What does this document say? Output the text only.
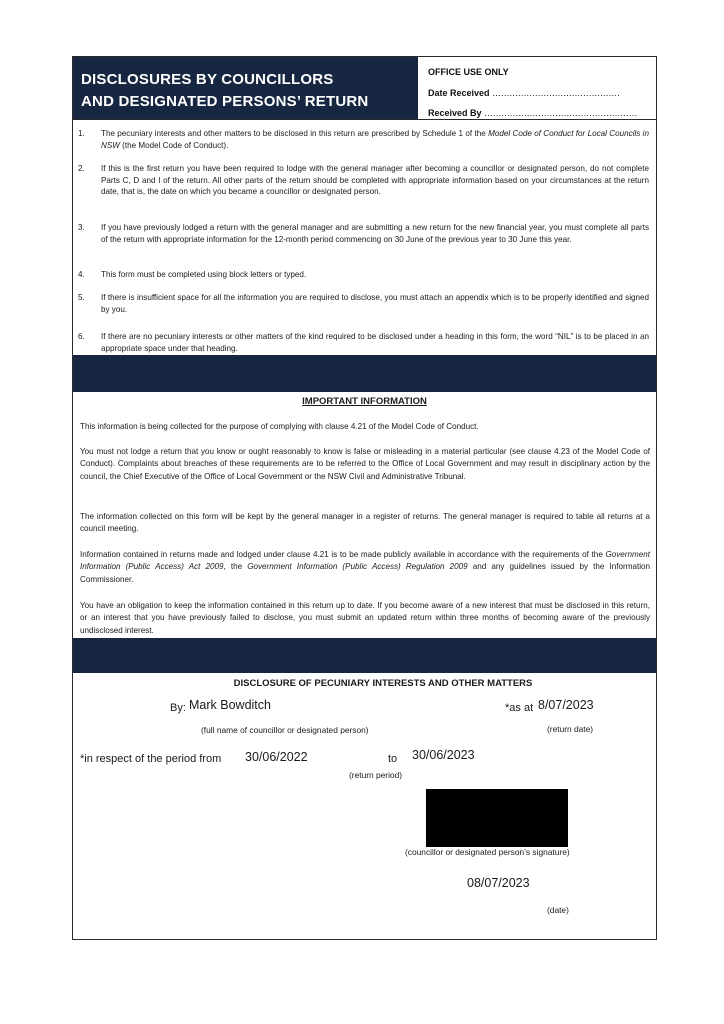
DISCLOSURES BY COUNCILLORS
AND DESIGNATED PERSONS’ RETURN
OFFICE USE ONLY
Date Received ………………………………………
Received By ………………………………………………
1. The pecuniary interests and other matters to be disclosed in this return are prescribed by Schedule 1 of the Model Code of Conduct for Local Councils in NSW (the Model Code of Conduct).
2. If this is the first return you have been required to lodge with the general manager after becoming a councillor or designated person, do not complete Parts C, D and I of the return. All other parts of the return should be completed with appropriate information based on your circumstances at the return date, that is, the date on which you became a councillor or designated person.
3. If you have previously lodged a return with the general manager and are submitting a new return for the new financial year, you must complete all parts of the return with appropriate information for the 12-month period commencing on 30 June of the previous year to 30 June this year.
4. This form must be completed using block letters or typed.
5. If there is insufficient space for all the information you are required to disclose, you must attach an appendix which is to be properly identified and signed by you.
6. If there are no pecuniary interests or other matters of the kind required to be disclosed under a heading in this form, the word “NIL” is to be placed in an appropriate space under that heading.
IMPORTANT INFORMATION
This information is being collected for the purpose of complying with clause 4.21 of the Model Code of Conduct.
You must not lodge a return that you know or ought reasonably to know is false or misleading in a material particular (see clause 4.23 of the Model Code of Conduct). Complaints about breaches of these requirements are to be referred to the Office of Local Government and may result in disciplinary action by the council, the Chief Executive of the Office of Local Government or the NSW Civil and Administrative Tribunal.
The information collected on this form will be kept by the general manager in a register of returns. The general manager is required to table all returns at a council meeting.
Information contained in returns made and lodged under clause 4.21 is to be made publicly available in accordance with the requirements of the Government Information (Public Access) Act 2009, the Government Information (Public Access) Regulation 2009 and any guidelines issued by the Information Commissioner.
You have an obligation to keep the information contained in this return up to date. If you become aware of a new interest that must be disclosed in this return, or an interest that you have previously failed to disclose, you must submit an updated return within three months of becoming aware of the previously undisclosed interest.
DISCLOSURE OF PECUNIARY INTERESTS AND OTHER MATTERS
By: Mark Bowditch
(full name of councillor or designated person)
*as at 8/07/2023
(return date)
*in respect of the period from 30/06/2022	to 30/06/2023
(return period)
(councillor or designated person’s signature)
08/07/2023
(date)
